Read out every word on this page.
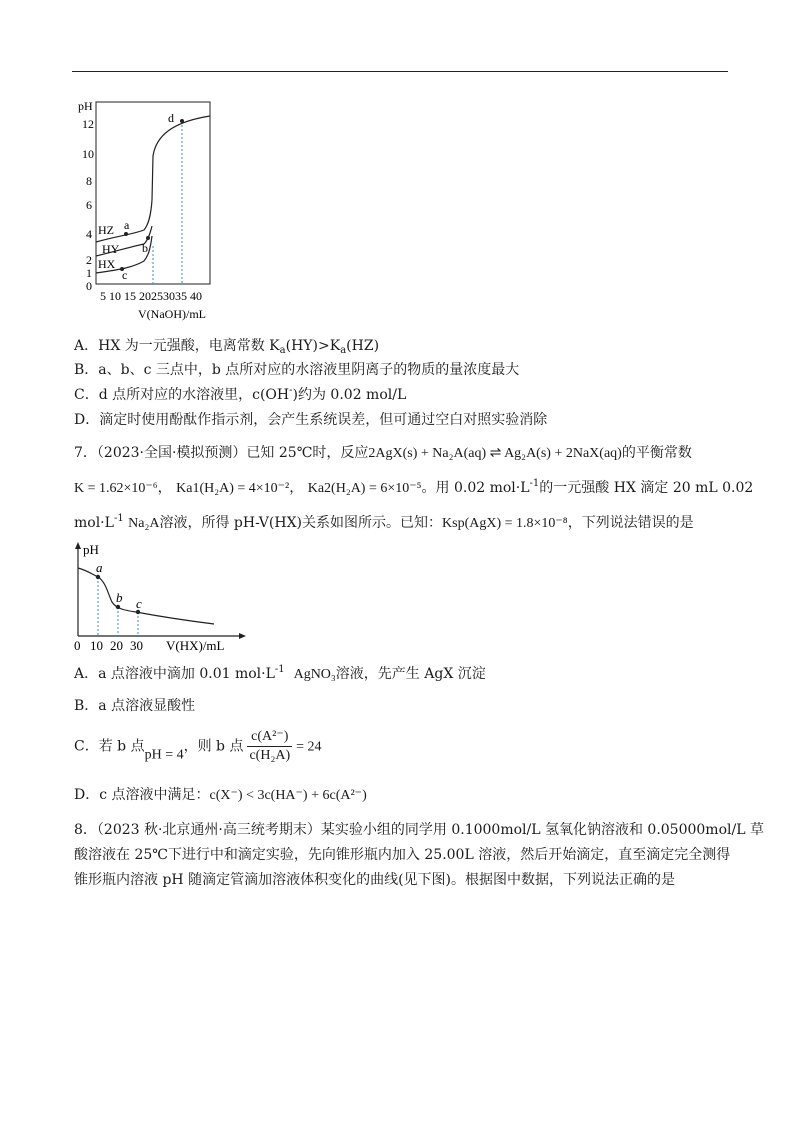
pH
12
10
8
6
4
2
1
0
5 10 15 20253035 40
V(NaOH)/mL
HZ
HY
HX
a
b
c
d
A．HX 为一元强酸，电离常数 $K_a(HY)>K_a(HZ)$
B．a、b、c 三点中，b 点所对应的水溶液里阴离子的物质的量浓度最大
C．d 点所对应的水溶液里，c(OH-)约为 0.02 mol/L
D．滴定时使用酚酞作指示剂，会产生系统误差，但可通过空白对照实验消除
7．（2023·全国·模拟预测）已知 25℃时，反应2AgX(s) + Na₂A(aq) ⇌ Ag₂A(s) + 2NaX(aq)的平衡常数
K = 1.62×10⁻⁶， Ka1(H₂A) = 4×10⁻²， Ka2(H₂A) = 6×10⁻⁵。用 0.02 $mol\cdot L^{-1}$的一元强酸 HX 滴定 20 mL 0.02
$mol\cdot L^{-1}$ Na₂A溶液，所得 pH-V(HX)关系如图所示。已知：Ksp(AgX) = 1.8×10⁻⁸，下列说法错误的是
pH
a
b c
0 10 20 30 V(HX)/mL
A．a 点溶液中滴加 0.01 $mol\cdot L^{-1}$ AgNO₃溶液，先产生 AgX 沉淀
B．a 点溶液显酸性
C．若 b 点pH = 4，则 b 点 $\frac{\text{c(A²⁻)}}{\text{c(H₂A)}} = 24$
D．c 点溶液中满足：c(X⁻) < 3c(HA⁻) + 6c(A²⁻)
8．（2023 秋·北京通州·高三统考期末）某实验小组的同学用 0.1000mol/L 氢氧化钠溶液和 0.05000mol/L 草
酸溶液在 25℃下进行中和滴定实验，先向锥形瓶内加入 25.00L 溶液，然后开始滴定，直至滴定完全测得
锥形瓶内溶液 pH 随滴定管滴加溶液体积变化的曲线(见下图)。根据图中数据，下列说法正确的是
